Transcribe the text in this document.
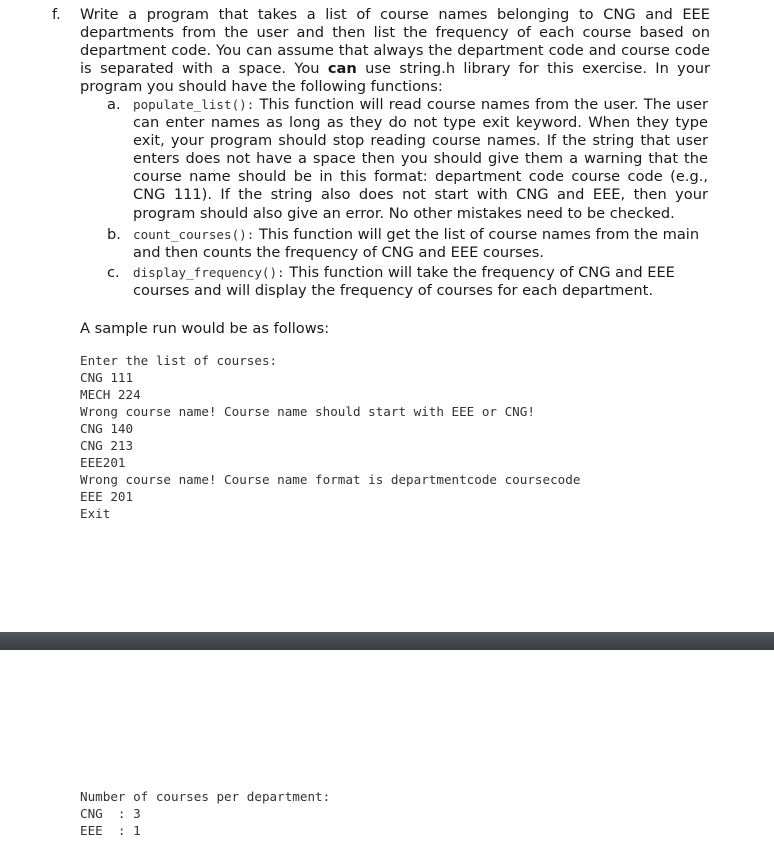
f. Write a program that takes a list of course names belonging to CNG and EEE departments from the user and then list the frequency of each course based on department code. You can assume that always the department code and course code is separated with a space. You can use string.h library for this exercise. In your program you should have the following functions:
a. populate_list(): This function will read course names from the user. The user can enter names as long as they do not type exit keyword. When they type exit, your program should stop reading course names. If the string that user enters does not have a space then you should give them a warning that the course name should be in this format: department code course code (e.g., CNG 111). If the string also does not start with CNG and EEE, then your program should also give an error. No other mistakes need to be checked.
b. count_courses(): This function will get the list of course names from the main and then counts the frequency of CNG and EEE courses.
c. display_frequency(): This function will take the frequency of CNG and EEE courses and will display the frequency of courses for each department.
A sample run would be as follows:
Enter the list of courses:
CNG 111
MECH 224
Wrong course name! Course name should start with EEE or CNG!
CNG 140
CNG 213
EEE201
Wrong course name! Course name format is departmentcode coursecode
EEE 201
Exit
Number of courses per department:
CNG  : 3
EEE  : 1
